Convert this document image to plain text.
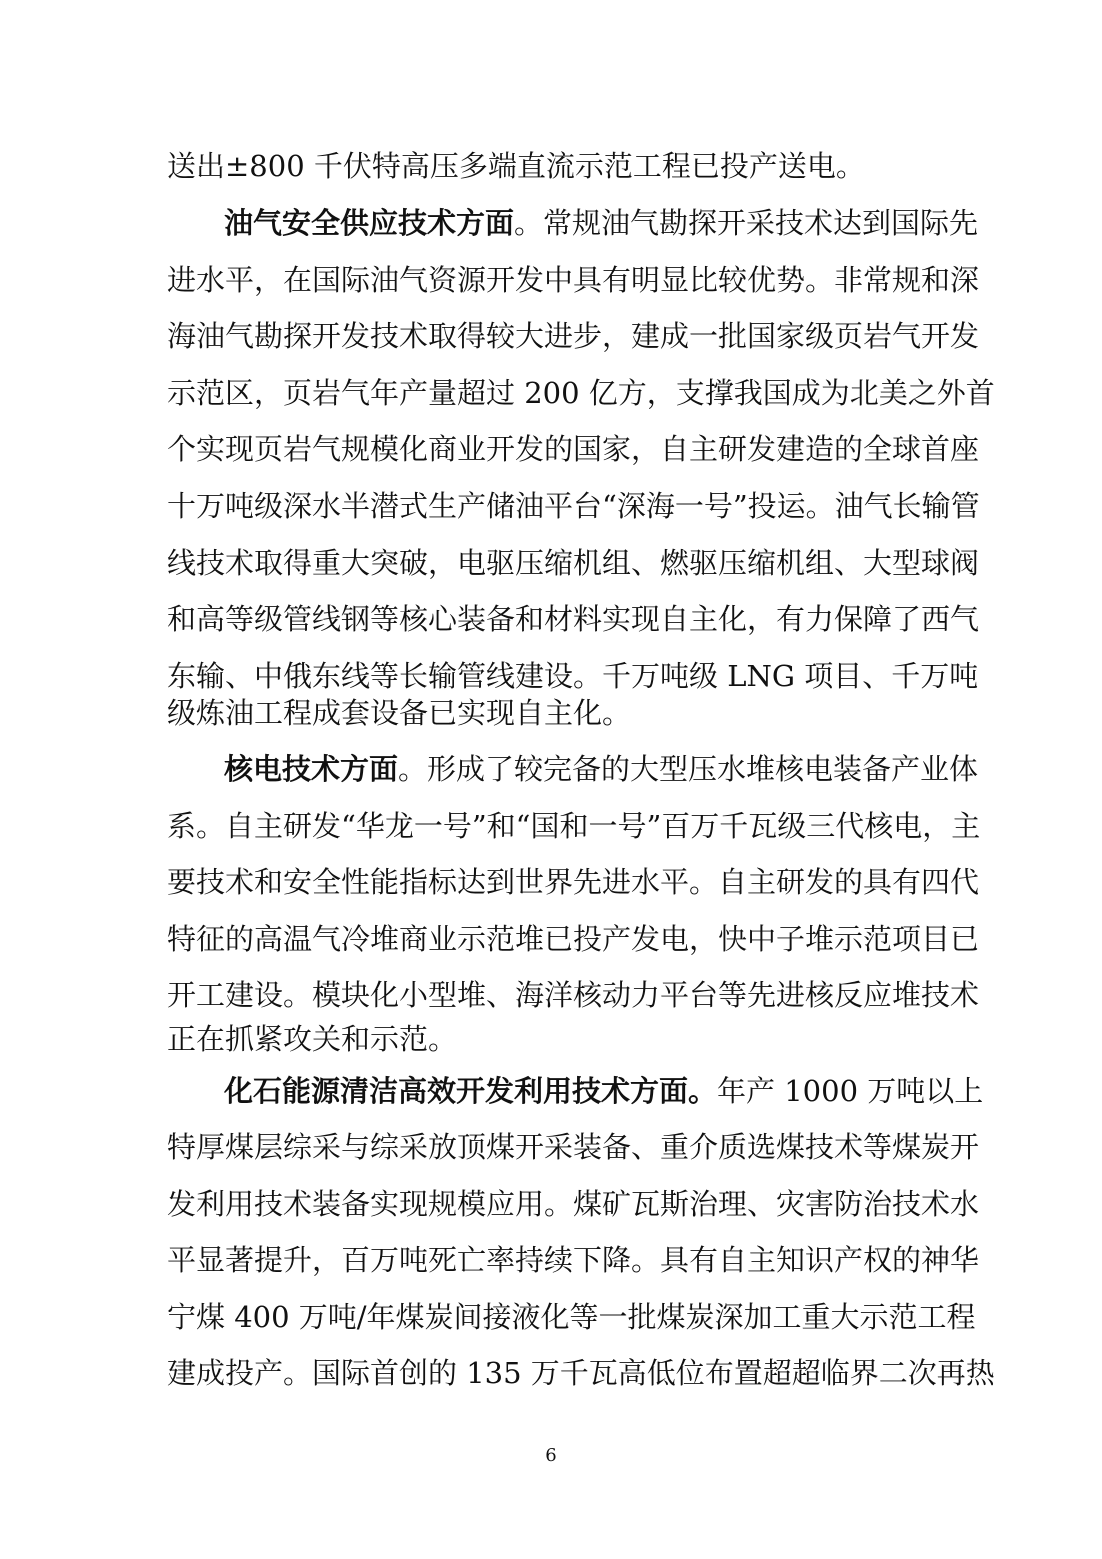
送出±800 千伏特高压多端直流示范工程已投产送电。
油气安全供应技术方面。常规油气勘探开采技术达到国际先
进水平，在国际油气资源开发中具有明显比较优势。非常规和深
海油气勘探开发技术取得较大进步，建成一批国家级页岩气开发
示范区，页岩气年产量超过 200 亿方，支撑我国成为北美之外首
个实现页岩气规模化商业开发的国家，自主研发建造的全球首座
十万吨级深水半潜式生产储油平台“深海一号”投运。油气长输管
线技术取得重大突破，电驱压缩机组、燃驱压缩机组、大型球阀
和高等级管线钢等核心装备和材料实现自主化，有力保障了西气
东输、中俄东线等长输管线建设。千万吨级 LNG 项目、千万吨
级炼油工程成套设备已实现自主化。
核电技术方面。形成了较完备的大型压水堆核电装备产业体
系。自主研发“华龙一号”和“国和一号”百万千瓦级三代核电，主
要技术和安全性能指标达到世界先进水平。自主研发的具有四代
特征的高温气冷堆商业示范堆已投产发电，快中子堆示范项目已
开工建设。模块化小型堆、海洋核动力平台等先进核反应堆技术
正在抓紧攻关和示范。
化石能源清洁高效开发利用技术方面。年产 1000 万吨以上
特厚煤层综采与综采放顶煤开采装备、重介质选煤技术等煤炭开
发利用技术装备实现规模应用。煤矿瓦斯治理、灾害防治技术水
平显著提升，百万吨死亡率持续下降。具有自主知识产权的神华
宁煤 400 万吨/年煤炭间接液化等一批煤炭深加工重大示范工程
建成投产。国际首创的 135 万千瓦高低位布置超超临界二次再热
6
